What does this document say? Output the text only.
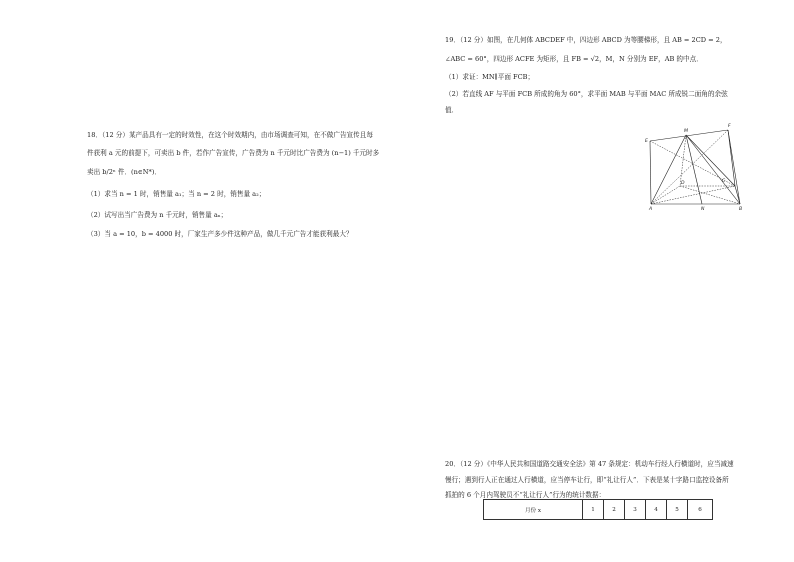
18．（12 分）某产品具有一定的时效性，在这个时效期内，由市场调查可知，在不做广告宣传且每
件获利 a 元的前提下，可卖出 b 件，若作广告宣传，广告费为 n 千元时比广告费为 (n−1) 千元时多
卖出 b/2ⁿ 件．(n∈N*)．
（1）求当 n = 1 时，销售量 a₁；当 n = 2 时，销售量 a₂；
（2）试写出当广告费为 n 千元时，销售量 aₙ；
（3）当 a = 10，b = 4000 时，厂家生产多少件这种产品，做几千元广告才能获利最大？
19．（12 分）如图，在几何体 ABCDEF 中，四边形 ABCD 为等腰梯形，且 AB = 2CD = 2，
∠ABC = 60°，四边形 ACFE 为矩形，且 FB = √2，M，N 分别为 EF，AB 的中点．
（1）求证：MN∥平面 FCB；
（2）若直线 AF 与平面 FCB 所成的角为 60°，求平面 MAB 与平面 MAC 所成锐二面角的余弦
值．
E
M
F
D	C
A	N	B
20．（12 分）《中华人民共和国道路交通安全法》第 47 条规定：机动车行经人行横道时，应当减速
慢行；遇到行人正在通过人行横道，应当停车让行，即“礼让行人”．下表是某十字路口监控设备所
抓拍的 6 个月内驾驶员不“礼让行人”行为的统计数据：
月份 x	1	2	3	4	5	6
